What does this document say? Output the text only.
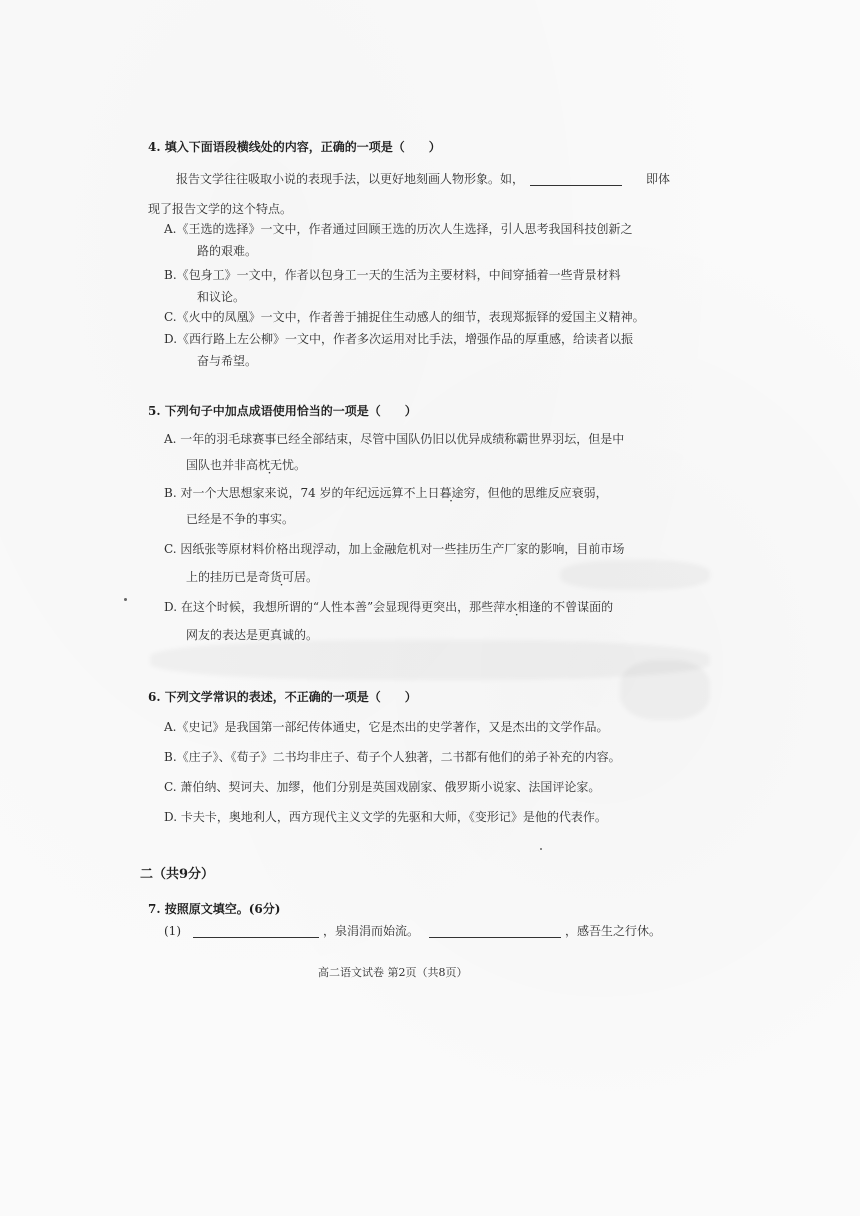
4. 填入下面语段横线处的内容，正确的一项是（　　）
报告文学往往吸取小说的表现手法，以更好地刻画人物形象。如，	即体
现了报告文学的这个特点。
A.《王选的选择》一文中，作者通过回顾王选的历次人生选择，引人思考我国科技创新之
路的艰难。
B.《包身工》一文中，作者以包身工一天的生活为主要材料，中间穿插着一些背景材料
和议论。
C.《火中的凤凰》一文中，作者善于捕捉住生动感人的细节，表现郑振铎的爱国主义精神。
D.《西行路上左公柳》一文中，作者多次运用对比手法，增强作品的厚重感，给读者以振
奋与希望。
5. 下列句子中加点成语使用恰当的一项是（　　）
A. 一年的羽毛球赛事已经全部结束，尽管中国队仍旧以优异成绩称霸世界羽坛，但是中
国队也并非高枕无忧。
B. 对一个大思想家来说，74 岁的年纪远远算不上日暮途穷，但他的思维反应衰弱，
已经是不争的事实。
C. 因纸张等原材料价格出现浮动，加上金融危机对一些挂历生产厂家的影响，目前市场
上的挂历已是奇货可居。
D. 在这个时候，我想所谓的“人性本善”会显现得更突出，那些萍水相逢的不曾谋面的
网友的表达是更真诚的。
6. 下列文学常识的表述，不正确的一项是（　　）
A.《史记》是我国第一部纪传体通史，它是杰出的史学著作，又是杰出的文学作品。
B.《庄子》、《荀子》二书均非庄子、荀子个人独著，二书都有他们的弟子补充的内容。
C. 萧伯纳、契诃夫、加缪，他们分别是英国戏剧家、俄罗斯小说家、法国评论家。
D. 卡夫卡，奥地利人，西方现代主义文学的先驱和大师，《变形记》是他的代表作。
二（共9分）
7. 按照原文填空。(6分)
(1)	，泉涓涓而始流。	，感吾生之行休。
高二语文试卷 第2页（共8页）
